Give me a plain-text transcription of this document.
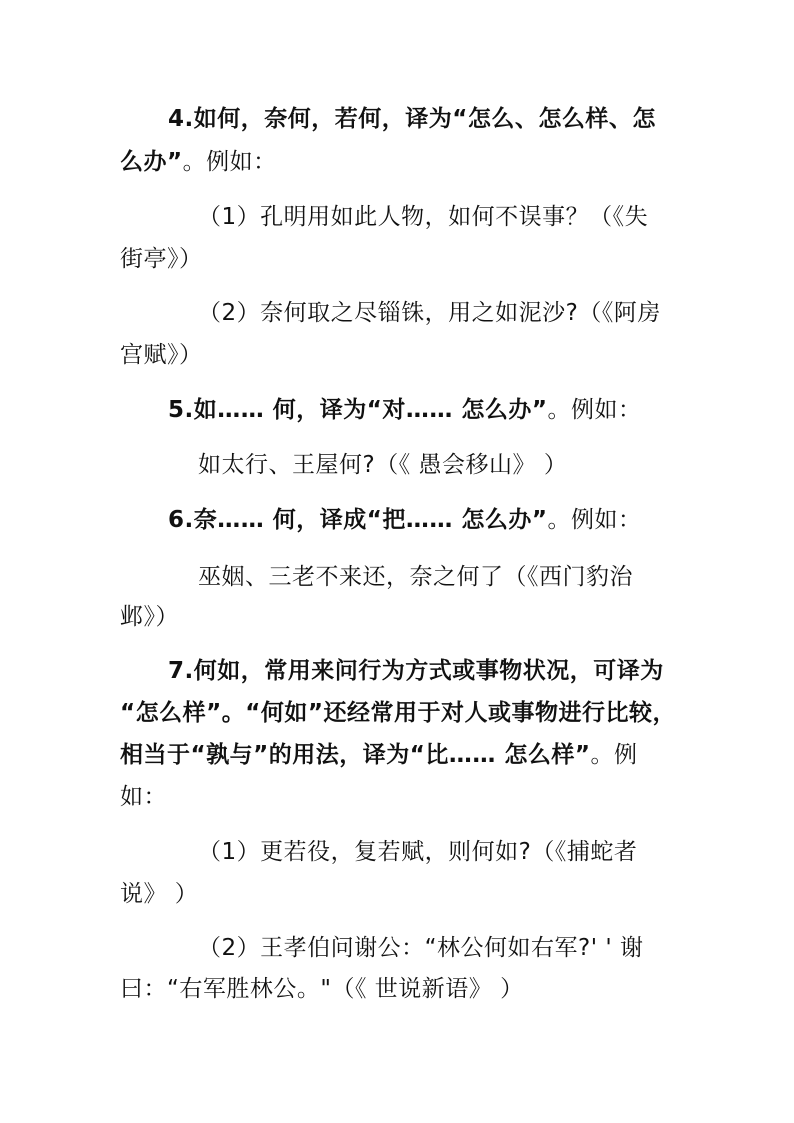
4.如何，奈何，若何，译为“怎么、怎么样、怎
么办”。例如：
（1）孔明用如此人物，如何不误事？（《失
街亭》）
（2）奈何取之尽锱铢，用之如泥沙?（《阿房
宫赋》）
5.如…… 何，译为“对…… 怎么办”。例如：
如太行、王屋何?（《 愚会移山》 ）
6.奈…… 何，译成“把…… 怎么办”。例如：
巫姻、三老不来还，奈之何了（《西门豹治
邺》）
7.何如，常用来问行为方式或事物状况，可译为
“怎么样”。“何如”还经常用于对人或事物进行比较，
相当于“孰与”的用法，译为“比…… 怎么样”。例
如：
（1）更若役，复若赋，则何如?（《捕蛇者
说》 ）
（2）王孝伯问谢公：“林公何如右军?' ' 谢
曰：“右军胜林公。"（《 世说新语》 ）
